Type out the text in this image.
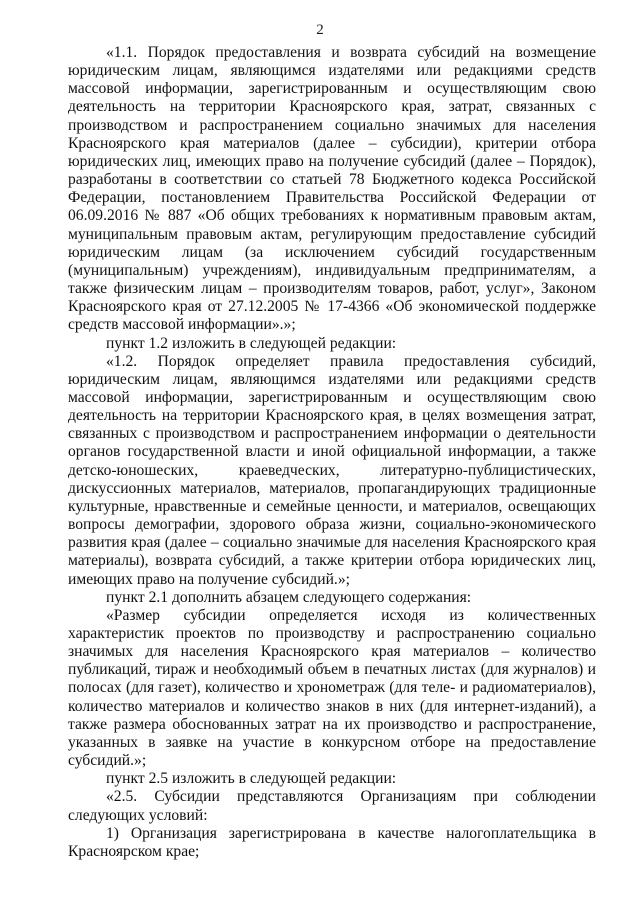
2

«1.1. Порядок предоставления и возврата субсидий на возмещение юридическим лицам, являющимся издателями или редакциями средств массовой информации, зарегистрированным и осуществляющим свою деятельность на территории Красноярского края, затрат, связанных с производством и распространением социально значимых для населения Красноярского края материалов (далее – субсидии), критерии отбора юридических лиц, имеющих право на получение субсидий (далее – Порядок), разработаны в соответствии со статьей 78 Бюджетного кодекса Российской Федерации, постановлением Правительства Российской Федерации от 06.09.2016 № 887 «Об общих требованиях к нормативным правовым актам, муниципальным правовым актам, регулирующим предоставление субсидий юридическим лицам (за исключением субсидий государственным (муниципальным) учреждениям), индивидуальным предпринимателям, а также физическим лицам – производителям товаров, работ, услуг», Законом Красноярского края от 27.12.2005 № 17-4366 «Об экономической поддержке средств массовой информации».»;

пункт 1.2 изложить в следующей редакции:

«1.2. Порядок определяет правила предоставления субсидий, юридическим лицам, являющимся издателями или редакциями средств массовой информации, зарегистрированным и осуществляющим свою деятельность на территории Красноярского края, в целях возмещения затрат, связанных с производством и распространением информации о деятельности органов государственной власти и иной официальной информации, а также детско-юношеских, краеведческих, литературно-публицистических, дискуссионных материалов, материалов, пропагандирующих традиционные культурные, нравственные и семейные ценности, и материалов, освещающих вопросы демографии, здорового образа жизни, социально-экономического развития края (далее – социально значимые для населения Красноярского края материалы), возврата субсидий, а также критерии отбора юридических лиц, имеющих право на получение субсидий.»;

пункт 2.1 дополнить абзацем следующего содержания:

«Размер субсидии определяется исходя из количественных характеристик проектов по производству и распространению социально значимых для населения Красноярского края материалов – количество публикаций, тираж и необходимый объем в печатных листах (для журналов) и полосах (для газет), количество и хронометраж (для теле- и радиоматериалов), количество материалов и количество знаков в них (для интернет-изданий), а также размера обоснованных затрат на их производство и распространение, указанных в заявке на участие в конкурсном отборе на предоставление субсидий.»;

пункт 2.5 изложить в следующей редакции:

«2.5. Субсидии представляются Организациям при соблюдении следующих условий:

1) Организация зарегистрирована в качестве налогоплательщика в Красноярском крае;
